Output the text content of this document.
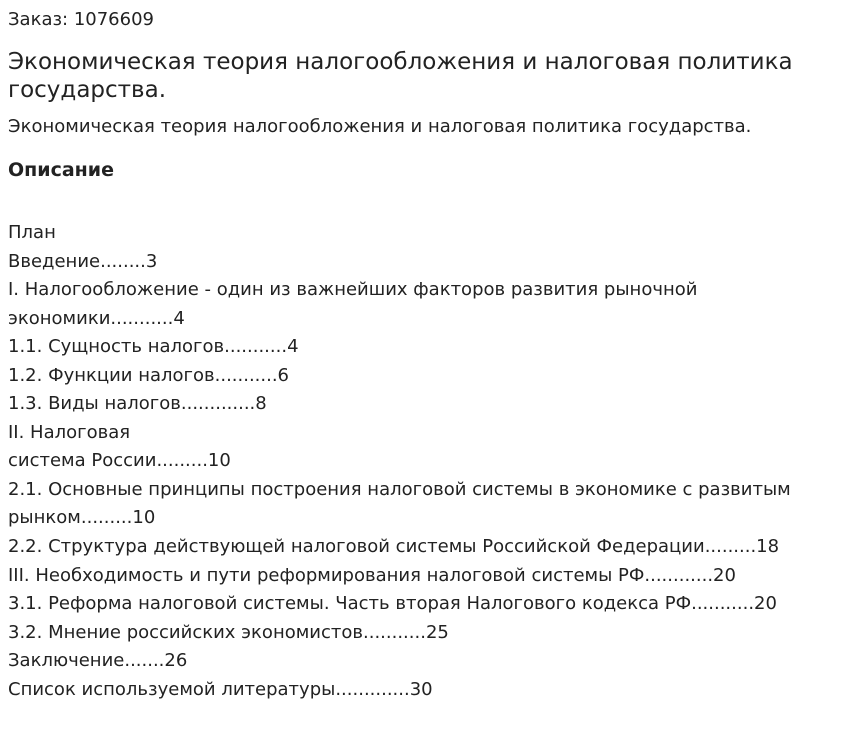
Заказ: 1076609

Экономическая теория налогообложения и налоговая политика государства.

Экономическая теория налогообложения и налоговая политика государства.

Описание
План
Введение........3
I. Налогообложение - один из важнейших факторов развития рыночной
экономики...........4
1.1. Сущность налогов...........4
1.2. Функции налогов...........6
1.3. Виды налогов.............8
II. Налоговая
система России.........10
2.1. Основные принципы построения налоговой системы в экономике с развитым
рынком.........10
2.2. Структура действующей налоговой системы Российской Федерации.........18
III. Необходимость и пути реформирования налоговой системы РФ............20
3.1. Реформа налоговой системы. Часть вторая Налогового кодекса РФ...........20
3.2. Мнение российских экономистов...........25
Заключение.......26
Список используемой литературы.............30
